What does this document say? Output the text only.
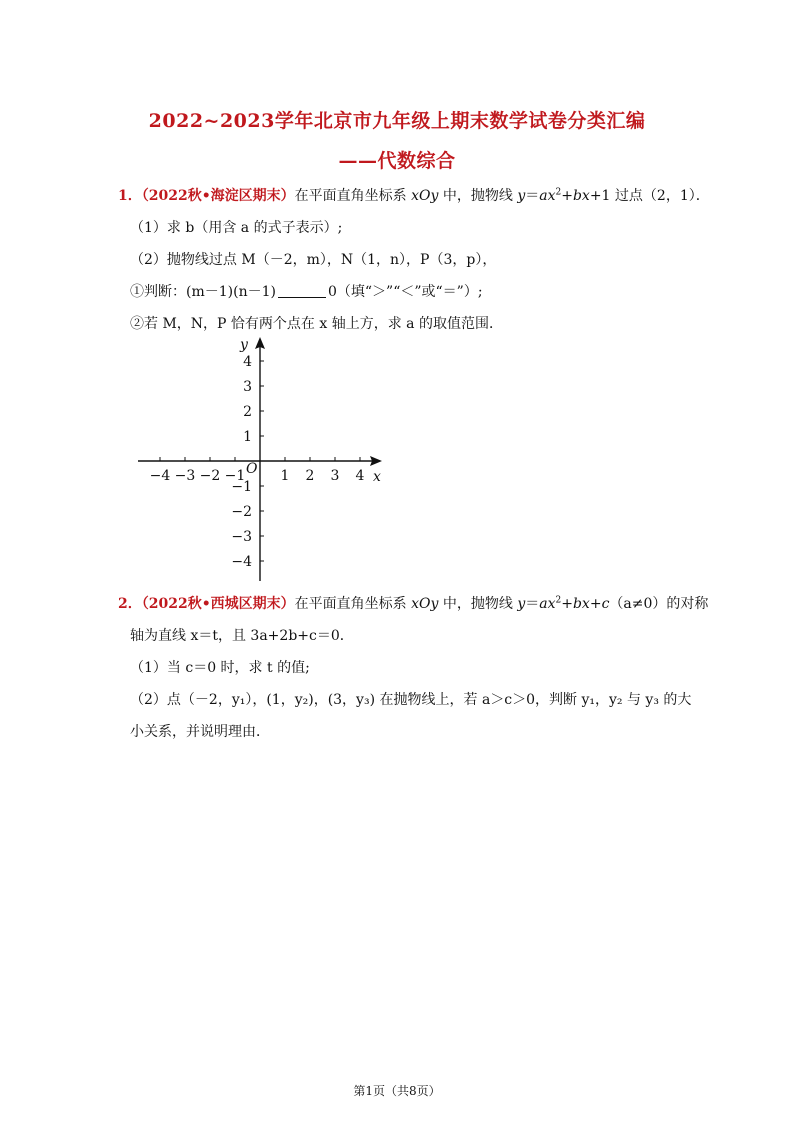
2022~2023学年北京市九年级上期末数学试卷分类汇编
——代数综合
1．（2022秋•海淀区期末）在平面直角坐标系 xOy 中，抛物线 $y=ax^2+bx+1$ 过点（2，1）．
（1）求 b（用含 a 的式子表示）;
（2）抛物线过点 M（－2，m），N（1，n），P（3，p），
①判断：(m－1)(n－1)	0（填“＞”“＜”或“＝”）;
②若 M，N，P 恰有两个点在 x 轴上方，求 a 的取值范围．
−4 −3 −2 −1	1 2 3 4
4
3
2
1
−1
−2
−3
−4
x
y
O
2．（2022秋•西城区期末）在平面直角坐标系 xOy 中，抛物线 $y=ax^2+bx+c(a\ne 0)$的对称
轴为直线 x＝t，且 3a+2b+c＝0．
（1）当 c＝0 时，求 t 的值;
（2）点（－2，y₁），(1，y₂)，(3，y₃) 在抛物线上，若 a＞c＞0，判断 y₁，y₂ 与 y₃ 的大
小关系，并说明理由．
第1页（共8页）
